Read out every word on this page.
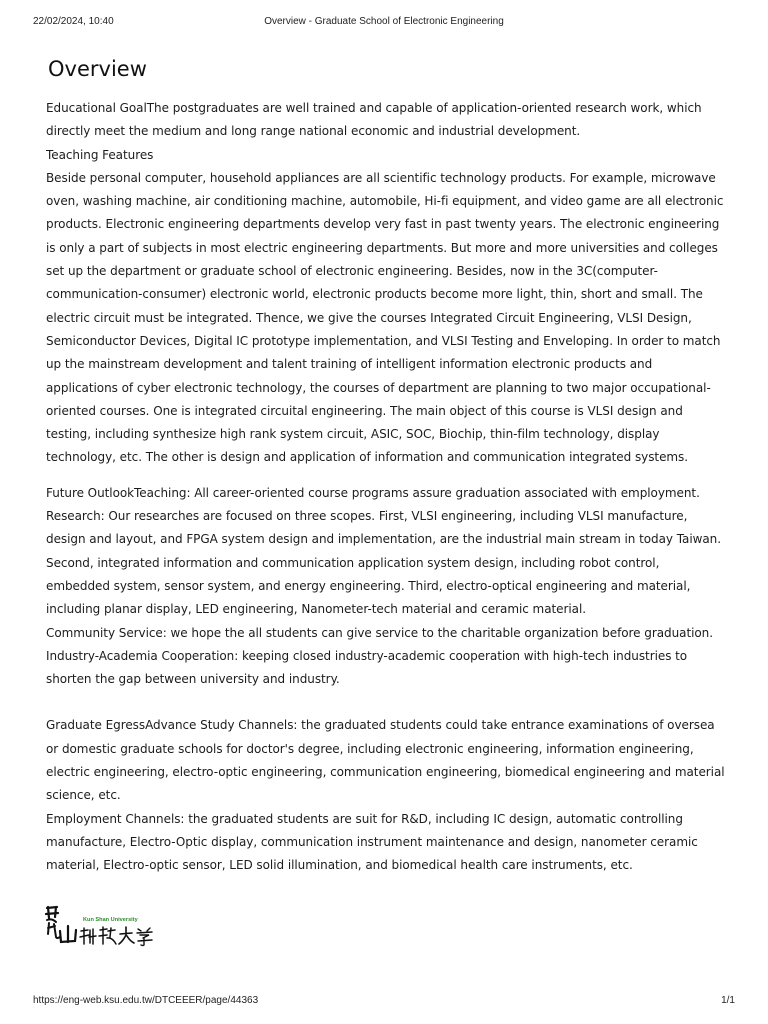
22/02/2024, 10:40	Overview - Graduate School of Electronic Engineering
Overview

Educational GoalThe postgraduates are well trained and capable of application-oriented research work, which directly meet the medium and long range national economic and industrial development.

Teaching Features

Beside personal computer, household appliances are all scientific technology products. For example, microwave oven, washing machine, air conditioning machine, automobile, Hi-fi equipment, and video game are all electronic products. Electronic engineering departments develop very fast in past twenty years. The electronic engineering is only a part of subjects in most electric engineering departments. But more and more universities and colleges set up the department or graduate school of electronic engineering. Besides, now in the 3C(computer-communication-consumer) electronic world, electronic products become more light, thin, short and small. The electric circuit must be integrated. Thence, we give the courses Integrated Circuit Engineering, VLSI Design, Semiconductor Devices, Digital IC prototype implementation, and VLSI Testing and Enveloping. In order to match up the mainstream development and talent training of intelligent information electronic products and applications of cyber electronic technology, the courses of department are planning to two major occupational-oriented courses. One is integrated circuital engineering. The main object of this course is VLSI design and testing, including synthesize high rank system circuit, ASIC, SOC, Biochip, thin-film technology, display technology, etc. The other is design and application of information and communication integrated systems.

Future OutlookTeaching: All career-oriented course programs assure graduation associated with employment.

Research: Our researches are focused on three scopes. First, VLSI engineering, including VLSI manufacture, design and layout, and FPGA system design and implementation, are the industrial main stream in today Taiwan. Second, integrated information and communication application system design, including robot control, embedded system, sensor system, and energy engineering. Third, electro-optical engineering and material, including planar display, LED engineering, Nanometer-tech material and ceramic material.

Community Service: we hope the all students can give service to the charitable organization before graduation.

Industry-Academia Cooperation: keeping closed industry-academic cooperation with high-tech industries to shorten the gap between university and industry.

Graduate EgressAdvance Study Channels: the graduated students could take entrance examinations of oversea or domestic graduate schools for doctor's degree, including electronic engineering, information engineering, electric engineering, electro-optic engineering, communication engineering, biomedical engineering and material science, etc.

Employment Channels: the graduated students are suit for R&D, including IC design, automatic controlling manufacture, Electro-Optic display, communication instrument maintenance and design, nanometer ceramic material, Electro-optic sensor, LED solid illumination, and biomedical health care instruments, etc.

Kun Shan University
https://eng-web.ksu.edu.tw/DTCEEER/page/44363	1/1
